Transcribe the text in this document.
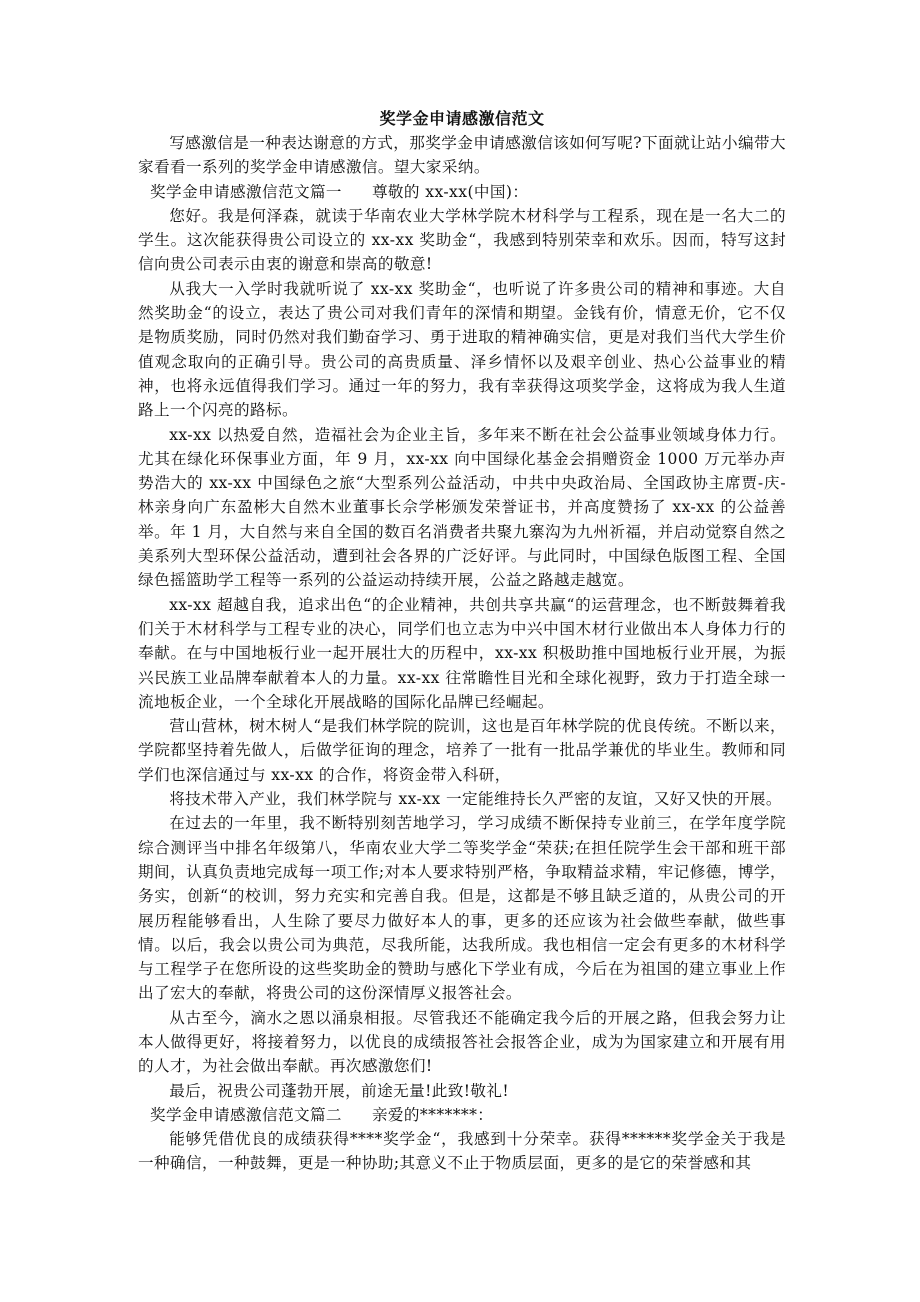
奖学金申请感激信范文

写感激信是一种表达谢意的方式，那奖学金申请感激信该如何写呢?下面就让站小编带大家看看一系列的奖学金申请感激信。望大家采纳。

奖学金申请感激信范文篇一 尊敬的 xx-xx(中国)：

您好。我是何泽森，就读于华南农业大学林学院木材科学与工程系，现在是一名大二的学生。这次能获得贵公司设立的 xx-xx 奖助金“，我感到特别荣幸和欢乐。因而，特写这封信向贵公司表示由衷的谢意和崇高的敬意!

从我大一入学时我就听说了 xx-xx 奖助金“，也听说了许多贵公司的精神和事迹。大自然奖助金“的设立，表达了贵公司对我们青年的深情和期望。金钱有价，情意无价，它不仅是物质奖励，同时仍然对我们勤奋学习、勇于进取的精神确实信，更是对我们当代大学生价值观念取向的正确引导。贵公司的高贵质量、泽乡情怀以及艰辛创业、热心公益事业的精神，也将永远值得我们学习。通过一年的努力，我有幸获得这项奖学金，这将成为我人生道路上一个闪亮的路标。

xx-xx 以热爱自然，造福社会为企业主旨，多年来不断在社会公益事业领域身体力行。尤其在绿化环保事业方面，年 9 月，xx-xx 向中国绿化基金会捐赠资金 1000 万元举办声势浩大的 xx-xx 中国绿色之旅“大型系列公益活动，中共中央政治局、全国政协主席贾-庆-林亲身向广东盈彬大自然木业董事长佘学彬颁发荣誉证书，并高度赞扬了 xx-xx 的公益善举。年 1 月，大自然与来自全国的数百名消费者共聚九寨沟为九州祈福，并启动觉察自然之美系列大型环保公益活动，遭到社会各界的广泛好评。与此同时，中国绿色版图工程、全国绿色摇篮助学工程等一系列的公益运动持续开展，公益之路越走越宽。

xx-xx 超越自我，追求出色“的企业精神，共创共享共赢“的运营理念，也不断鼓舞着我们关于木材科学与工程专业的决心，同学们也立志为中兴中国木材行业做出本人身体力行的奉献。在与中国地板行业一起开展壮大的历程中，xx-xx 积极助推中国地板行业开展，为振兴民族工业品牌奉献着本人的力量。xx-xx 往常瞻性目光和全球化视野，致力于打造全球一流地板企业，一个全球化开展战略的国际化品牌已经崛起。

营山营林，树木树人“是我们林学院的院训，这也是百年林学院的优良传统。不断以来，学院都坚持着先做人，后做学征询的理念，培养了一批有一批品学兼优的毕业生。教师和同学们也深信通过与 xx-xx 的合作，将资金带入科研，

将技术带入产业，我们林学院与 xx-xx 一定能维持长久严密的友谊，又好又快的开展。

在过去的一年里，我不断特别刻苦地学习，学习成绩不断保持专业前三，在学年度学院综合测评当中排名年级第八，华南农业大学二等奖学金“荣获;在担任院学生会干部和班干部期间，认真负责地完成每一项工作;对本人要求特别严格，争取精益求精，牢记修德，博学，务实，创新“的校训，努力充实和完善自我。但是，这都是不够且缺乏道的，从贵公司的开展历程能够看出，人生除了要尽力做好本人的事，更多的还应该为社会做些奉献，做些事情。以后，我会以贵公司为典范，尽我所能，达我所成。我也相信一定会有更多的木材科学与工程学子在您所设的这些奖助金的赞助与感化下学业有成，今后在为祖国的建立事业上作出了宏大的奉献，将贵公司的这份深情厚义报答社会。

从古至今，滴水之恩以涌泉相报。尽管我还不能确定我今后的开展之路，但我会努力让本人做得更好，将接着努力，以优良的成绩报答社会报答企业，成为为国家建立和开展有用的人才，为社会做出奉献。再次感激您们!

最后，祝贵公司蓬勃开展，前途无量!此致!敬礼!

奖学金申请感激信范文篇二 亲爱的*******：

能够凭借优良的成绩获得****奖学金“，我感到十分荣幸。获得******奖学金关于我是一种确信，一种鼓舞，更是一种协助;其意义不止于物质层面，更多的是它的荣誉感和其
